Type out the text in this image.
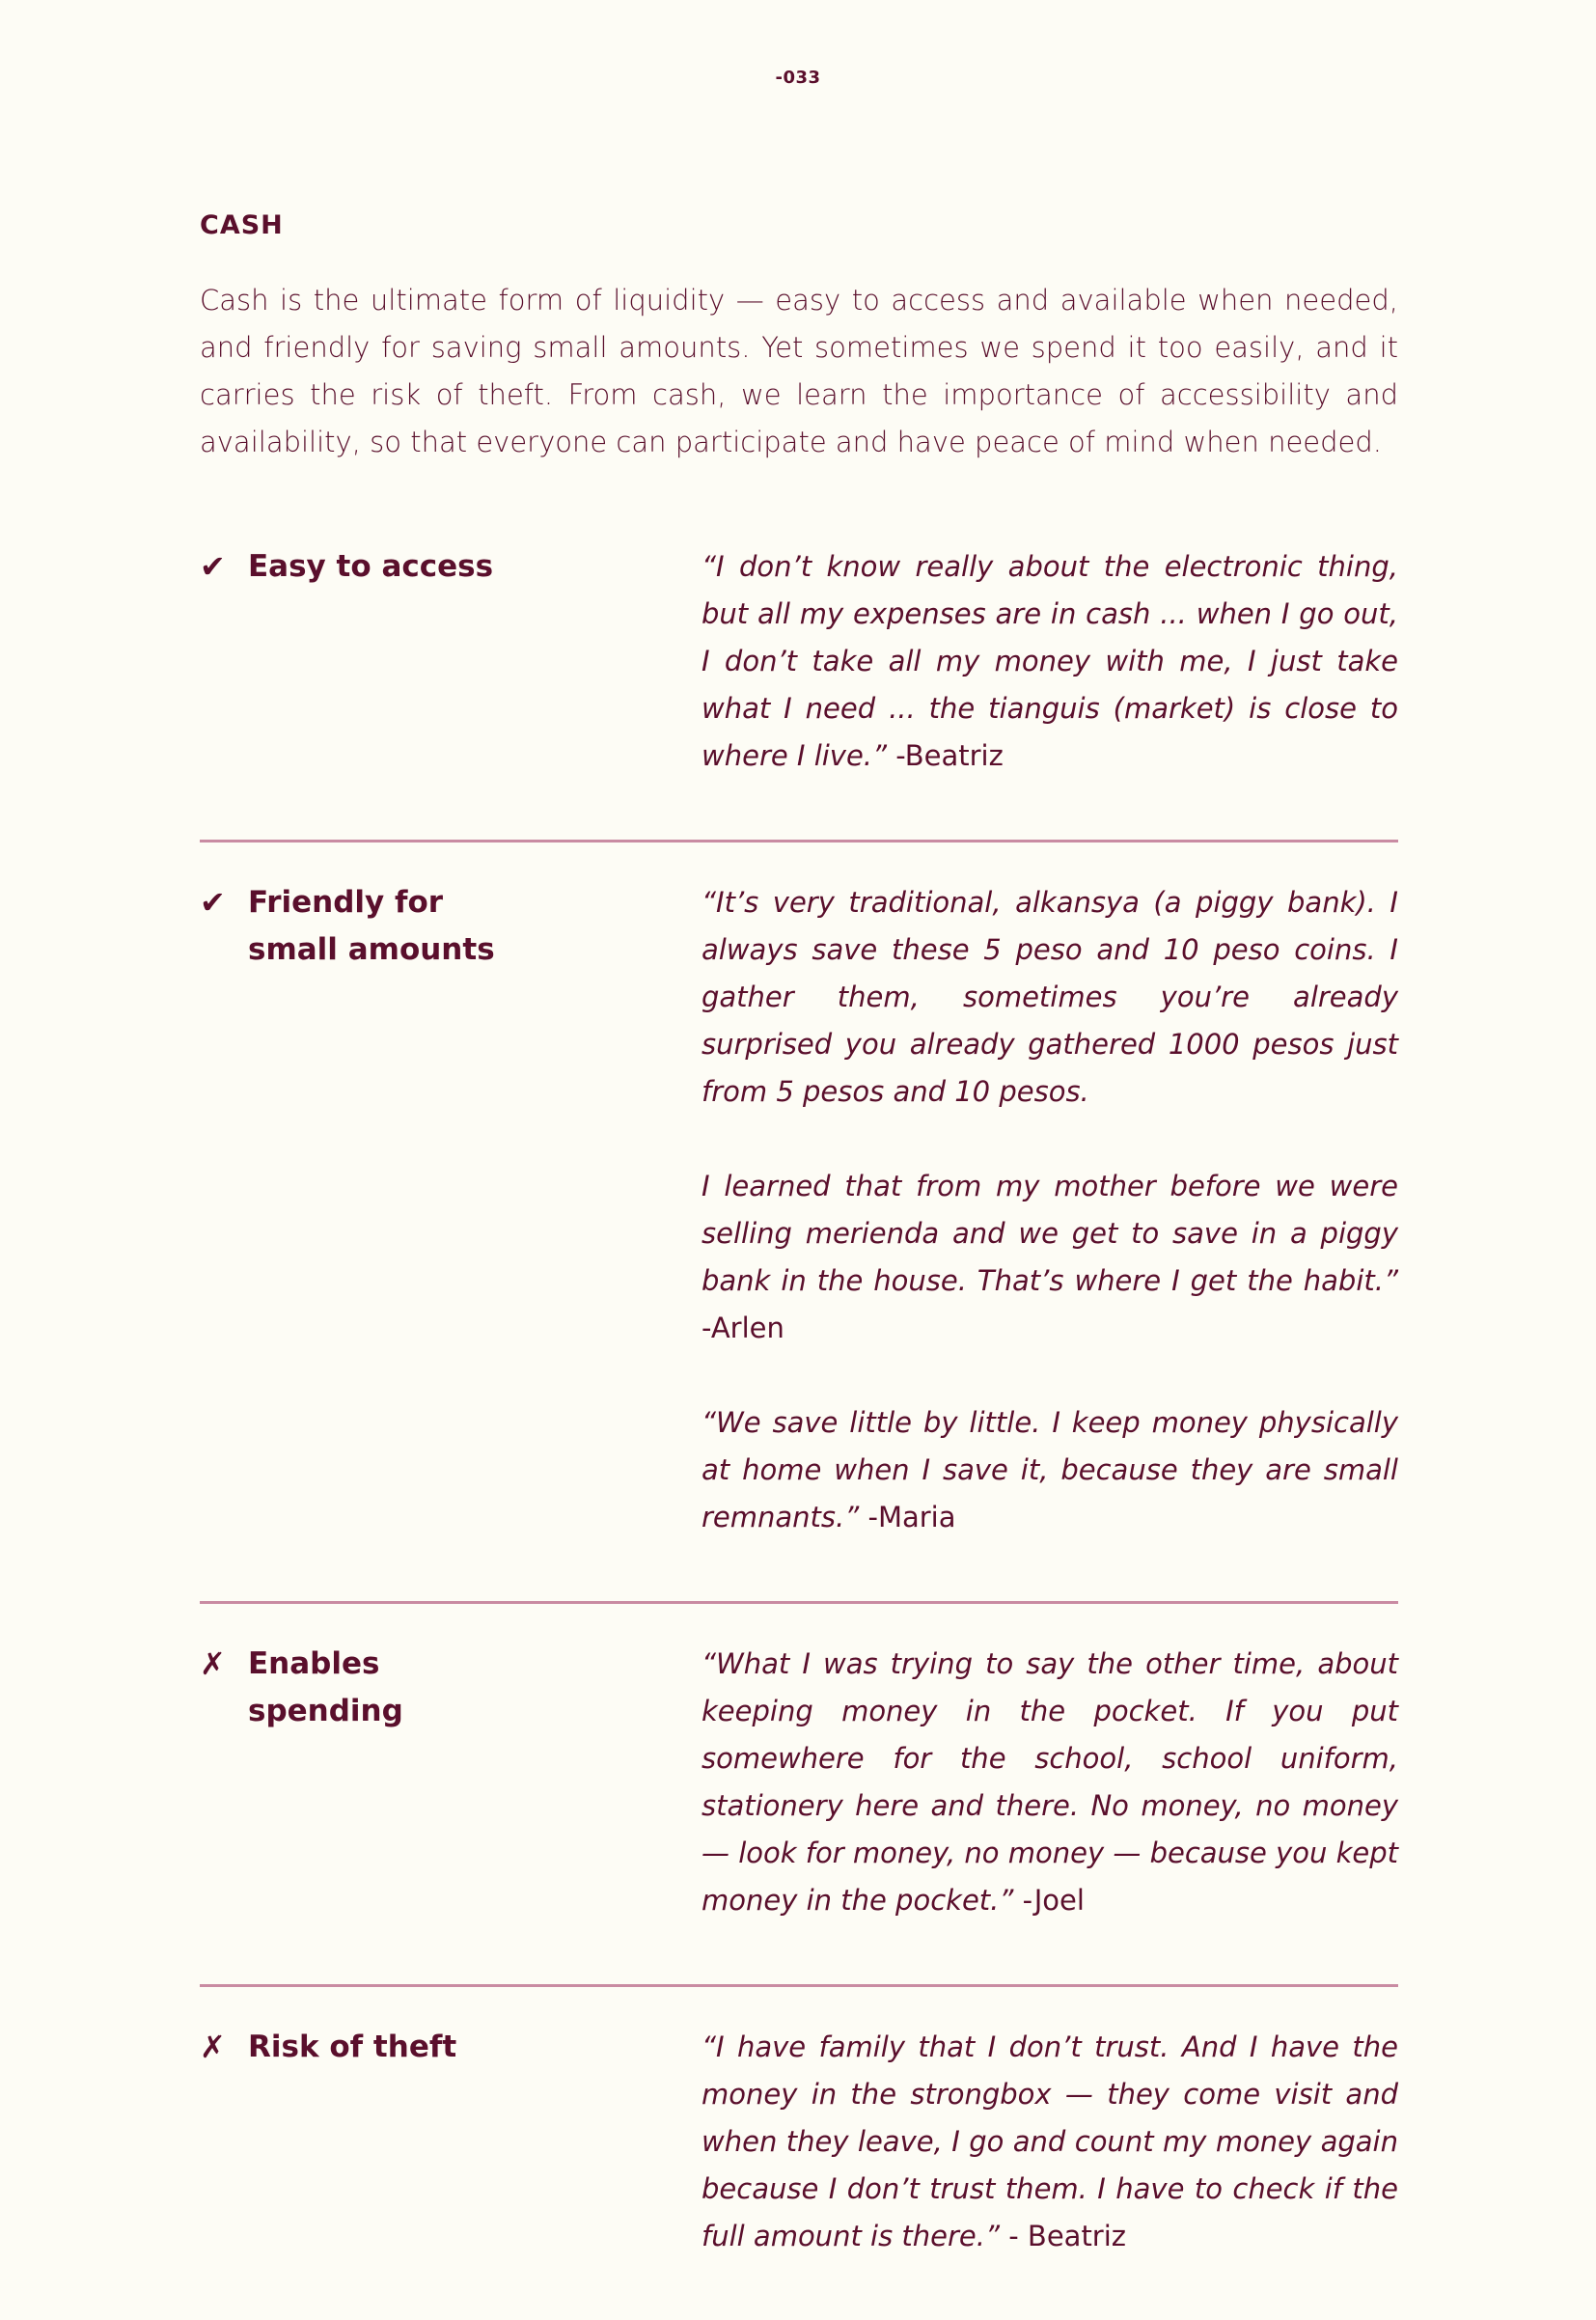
-033
CASH

Cash is the ultimate form of liquidity — easy to access and available when needed, and friendly for saving small amounts. Yet sometimes we spend it too easily, and it carries the risk of theft. From cash, we learn the importance of accessibility and availability, so that everyone can participate and have peace of mind when needed.

✔ Easy to access	“I don’t know really about the electronic thing, but all my expenses are in cash ... when I go out, I don’t take all my money with me, I just take what I need ... the tianguis (market) is close to where I live.” -Beatriz

✔ Friendly for small amounts

“It’s very traditional, alkansya (a piggy bank). I always save these 5 peso and 10 peso coins. I gather them, sometimes you’re already surprised you already gathered 1000 pesos just from 5 pesos and 10 pesos.

I learned that from my mother before we were selling merienda and we get to save in a piggy bank in the house. That’s where I get the habit.” -Arlen

“We save little by little. I keep money physically at home when I save it, because they are small remnants.” -Maria

✗ Enables spending

“What I was trying to say the other time, about keeping money in the pocket. If you put somewhere for the school, school uniform, stationery here and there. No money, no money — look for money, no money — because you kept money in the pocket.” -Joel

✗ Risk of theft	“I have family that I don’t trust. And I have the money in the strongbox — they come visit and when they leave, I go and count my money again because I don’t trust them. I have to check if the full amount is there.” - Beatriz
